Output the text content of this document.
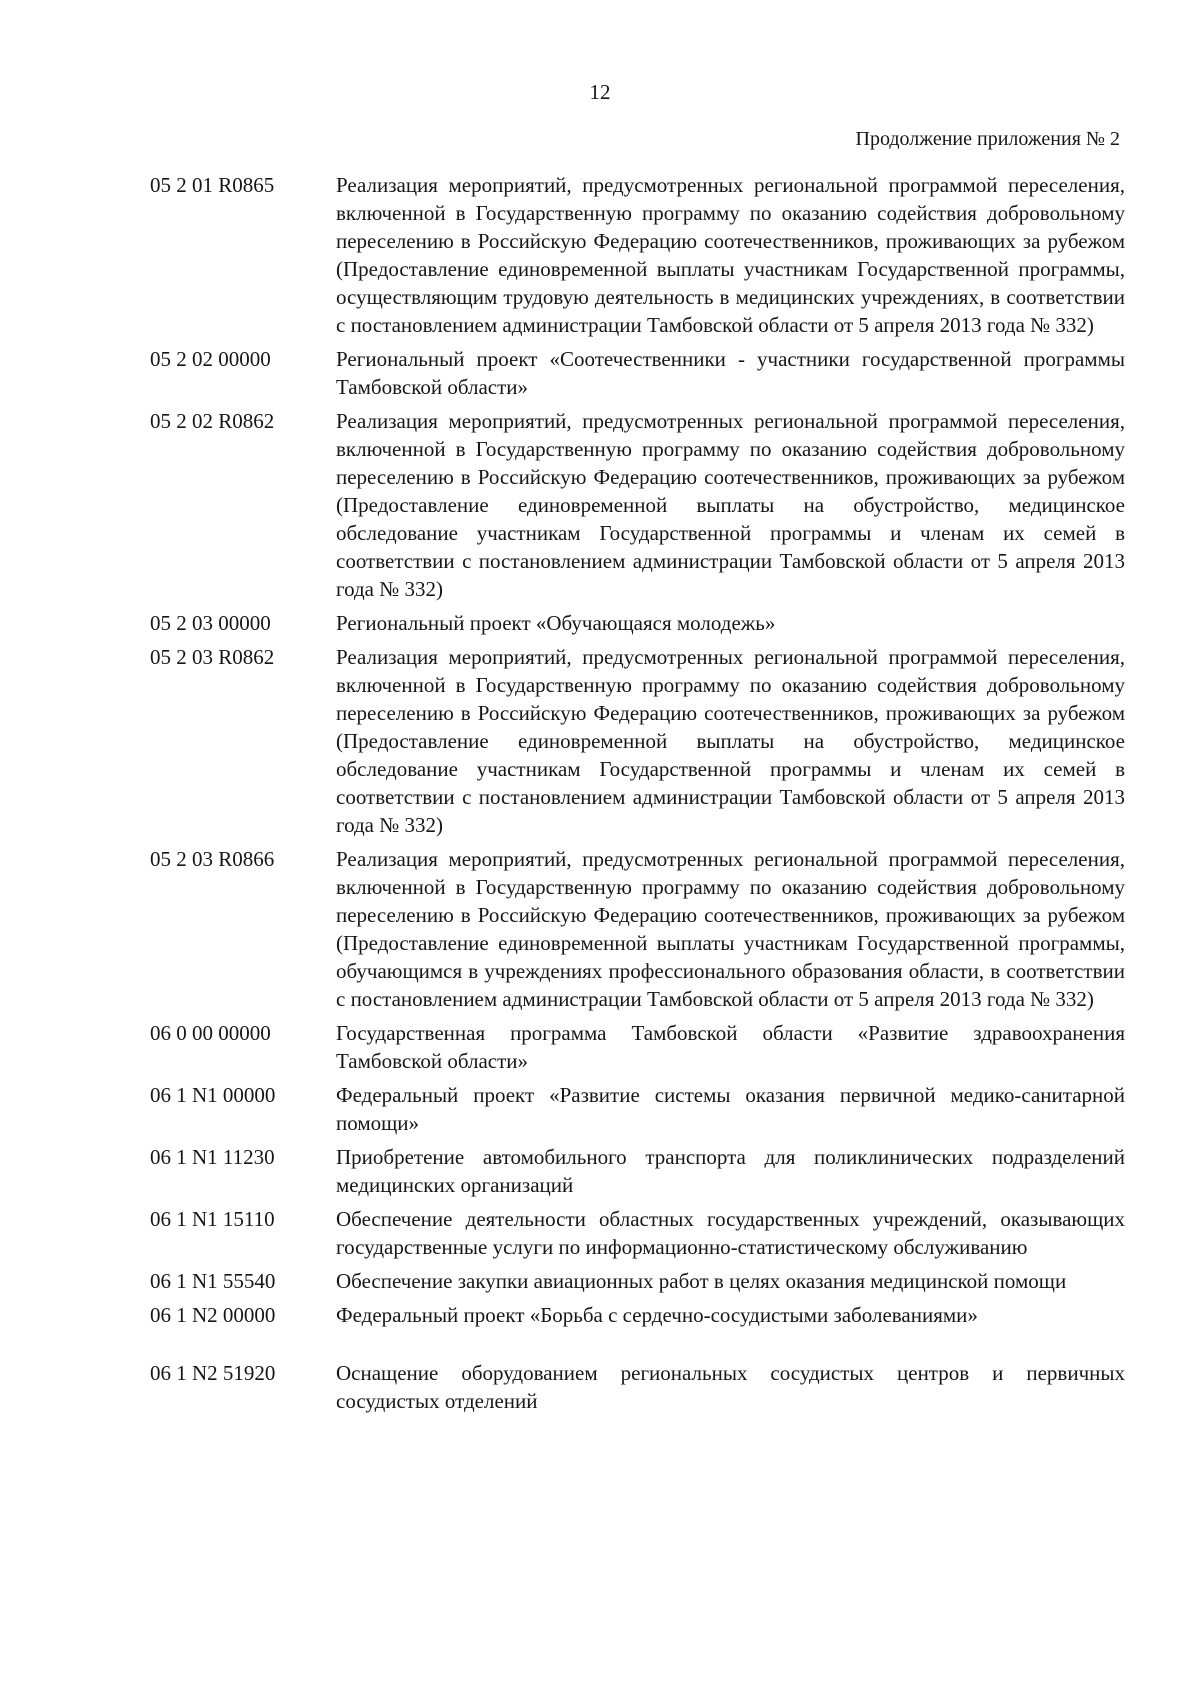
12
Продолжение приложения № 2
05 2 01 R0865	Реализация мероприятий, предусмотренных региональной программой переселения, включенной в Государственную программу по оказанию содействия добровольному переселению в Российскую Федерацию соотечественников, проживающих за рубежом (Предоставление единовременной выплаты участникам Государственной программы, осуществляющим трудовую деятельность в медицинских учреждениях, в соответствии с постановлением администрации Тамбовской области от 5 апреля 2013 года № 332)
05 2 02 00000	Региональный проект «Соотечественники - участники государственной программы Тамбовской области»
05 2 02 R0862	Реализация мероприятий, предусмотренных региональной программой переселения, включенной в Государственную программу по оказанию содействия добровольному переселению в Российскую Федерацию соотечественников, проживающих за рубежом (Предоставление единовременной выплаты на обустройство, медицинское обследование участникам Государственной программы и членам их семей в соответствии с постановлением администрации Тамбовской области от 5 апреля 2013 года № 332)
05 2 03 00000	Региональный проект «Обучающаяся молодежь»
05 2 03 R0862	Реализация мероприятий, предусмотренных региональной программой переселения, включенной в Государственную программу по оказанию содействия добровольному переселению в Российскую Федерацию соотечественников, проживающих за рубежом (Предоставление единовременной выплаты на обустройство, медицинское обследование участникам Государственной программы и членам их семей в соответствии с постановлением администрации Тамбовской области от 5 апреля 2013 года № 332)
05 2 03 R0866	Реализация мероприятий, предусмотренных региональной программой переселения, включенной в Государственную программу по оказанию содействия добровольному переселению в Российскую Федерацию соотечественников, проживающих за рубежом (Предоставление единовременной выплаты участникам Государственной программы, обучающимся в учреждениях профессионального образования области, в соответствии с постановлением администрации Тамбовской области от 5 апреля 2013 года № 332)
06 0 00 00000	Государственная программа Тамбовской области «Развитие здравоохранения Тамбовской области»
06 1 N1 00000	Федеральный проект «Развитие системы оказания первичной медико-санитарной помощи»
06 1 N1 11230	Приобретение автомобильного транспорта для поликлинических подразделений медицинских организаций
06 1 N1 15110	Обеспечение деятельности областных государственных учреждений, оказывающих государственные услуги по информационно-статистическому обслуживанию
06 1 N1 55540	Обеспечение закупки авиационных работ в целях оказания медицинской помощи
06 1 N2 00000	Федеральный проект «Борьба с сердечно-сосудистыми заболеваниями»
06 1 N2 51920	Оснащение оборудованием региональных сосудистых центров и первичных сосудистых отделений
